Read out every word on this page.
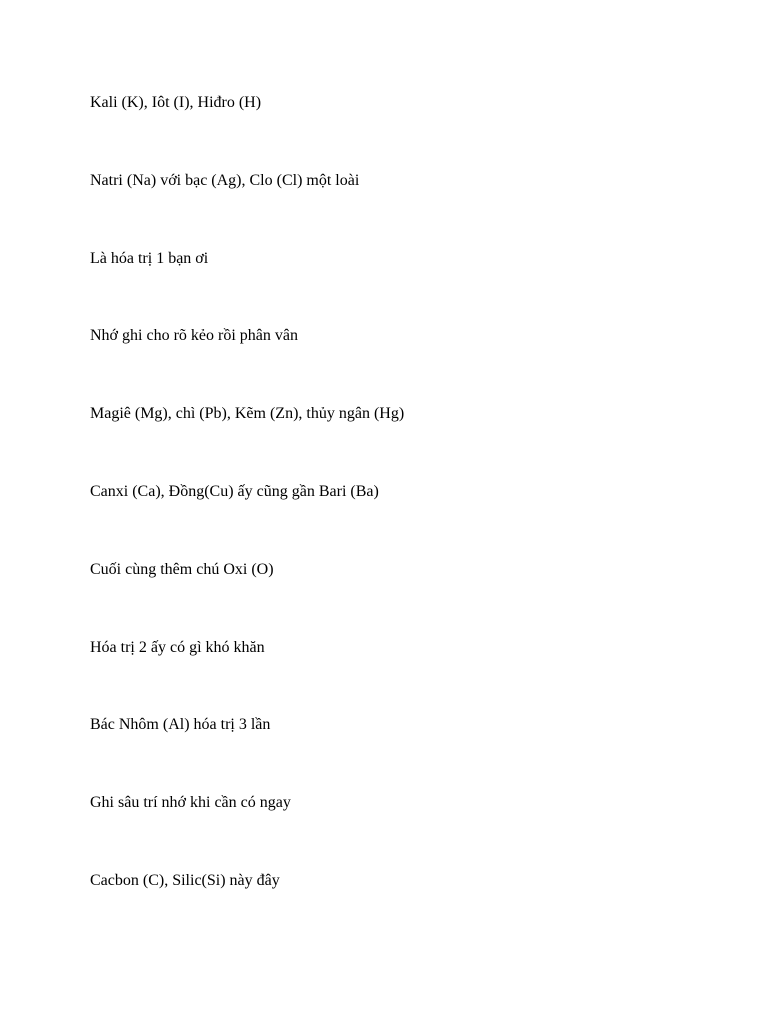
Kali (K), Iôt (I), Hiđro (H)
Natri (Na) với bạc (Ag), Clo (Cl) một loài
Là hóa trị 1 bạn ơi
Nhớ ghi cho rõ kẻo rồi phân vân
Magiê (Mg), chì (Pb), Kẽm (Zn), thủy ngân (Hg)
Canxi (Ca), Đồng(Cu) ấy cũng gần Bari (Ba)
Cuối cùng thêm chú Oxi (O)
Hóa trị 2 ấy có gì khó khăn
Bác Nhôm (Al) hóa trị 3 lần
Ghi sâu trí nhớ khi cần có ngay
Cacbon (C), Silic(Si) này đây
